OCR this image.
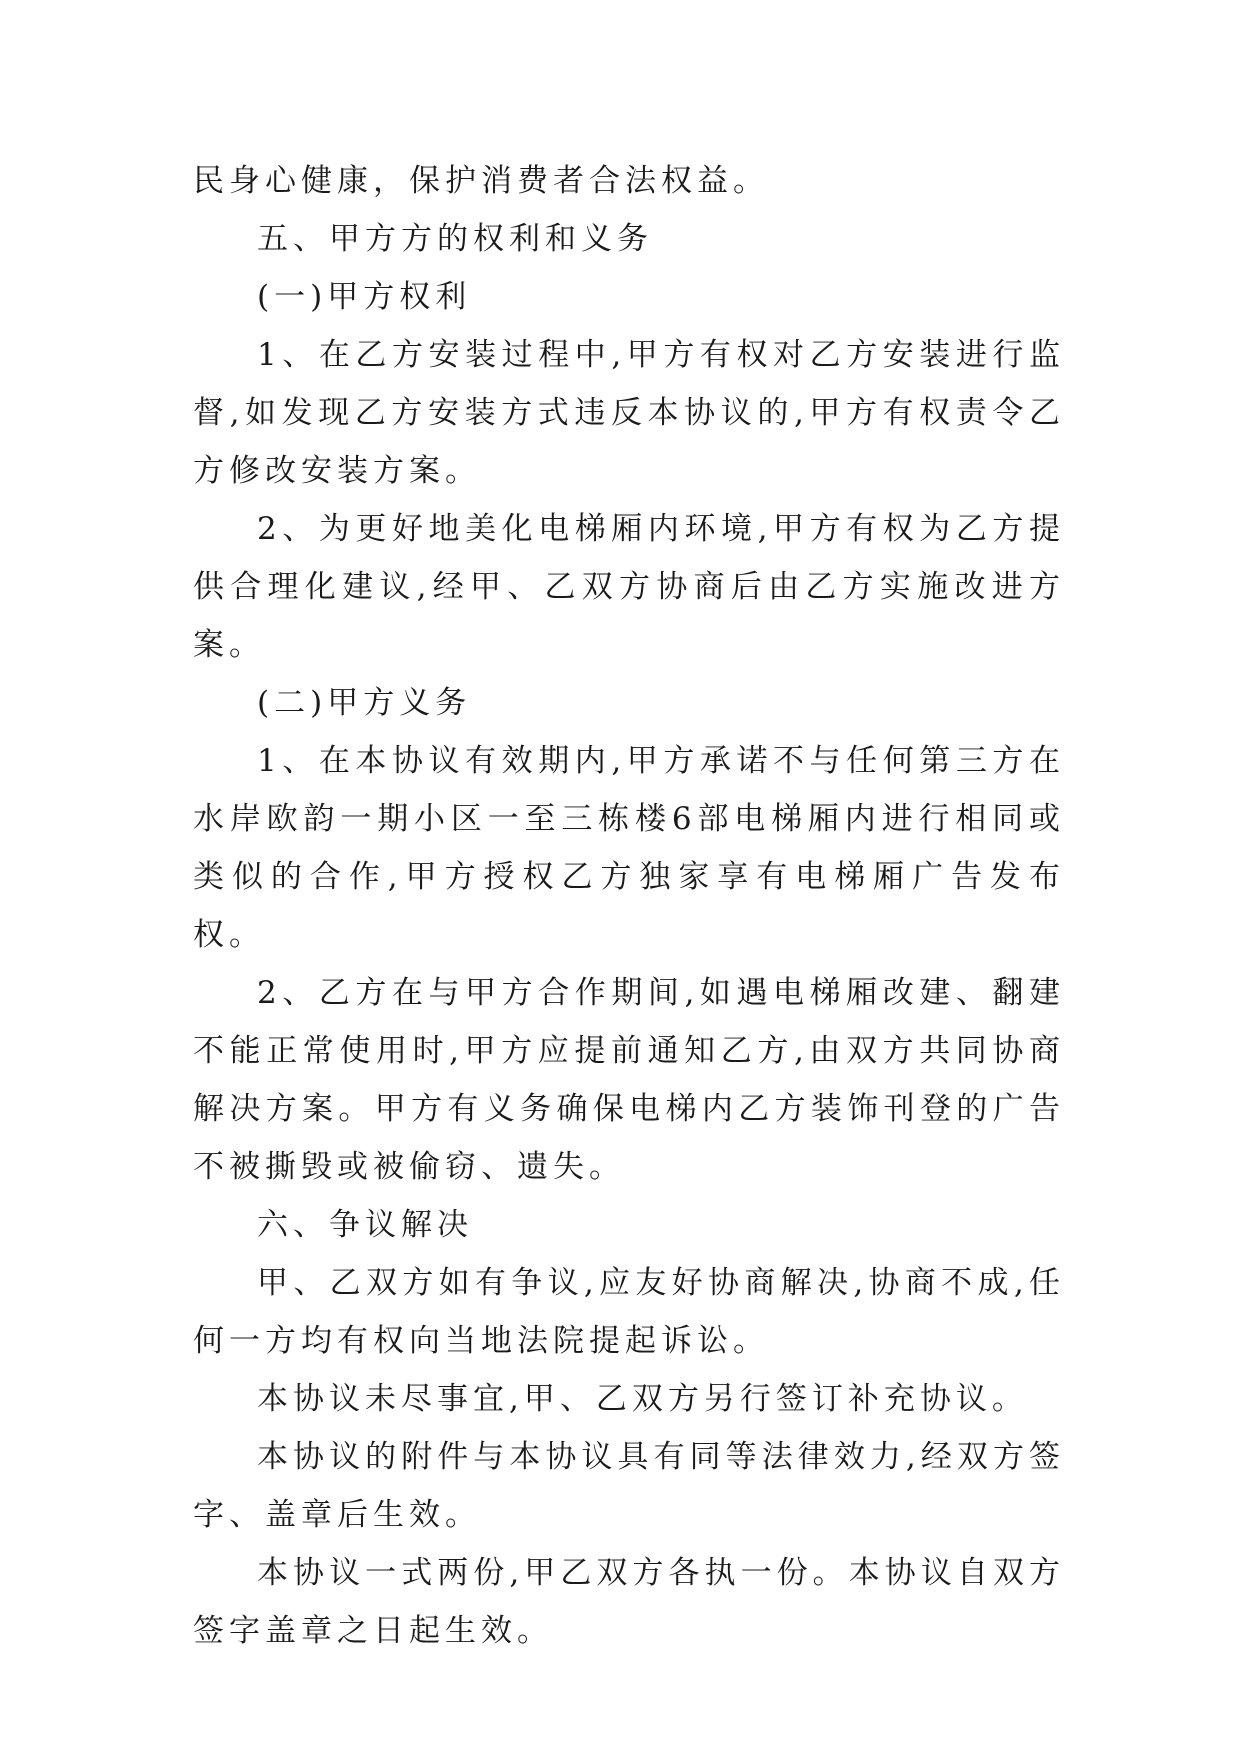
民身心健康，保护消费者合法权益。

五、甲方方的权利和义务

(一)甲方权利

1、在乙方安装过程中,甲方有权对乙方安装进行监督,如发现乙方安装方式违反本协议的,甲方有权责令乙方修改安装方案。

2、为更好地美化电梯厢内环境,甲方有权为乙方提供合理化建议,经甲、乙双方协商后由乙方实施改进方案。

(二)甲方义务

1、在本协议有效期内,甲方承诺不与任何第三方在水岸欧韵一期小区一至三栋楼6部电梯厢内进行相同或类似的合作,甲方授权乙方独家享有电梯厢广告发布权。

2、乙方在与甲方合作期间,如遇电梯厢改建、翻建不能正常使用时,甲方应提前通知乙方,由双方共同协商解决方案。甲方有义务确保电梯内乙方装饰刊登的广告不被撕毁或被偷窃、遗失。

六、争议解决

甲、乙双方如有争议,应友好协商解决,协商不成,任何一方均有权向当地法院提起诉讼。

本协议未尽事宜,甲、乙双方另行签订补充协议。

本协议的附件与本协议具有同等法律效力,经双方签字、盖章后生效。

本协议一式两份,甲乙双方各执一份。本协议自双方签字盖章之日起生效。
